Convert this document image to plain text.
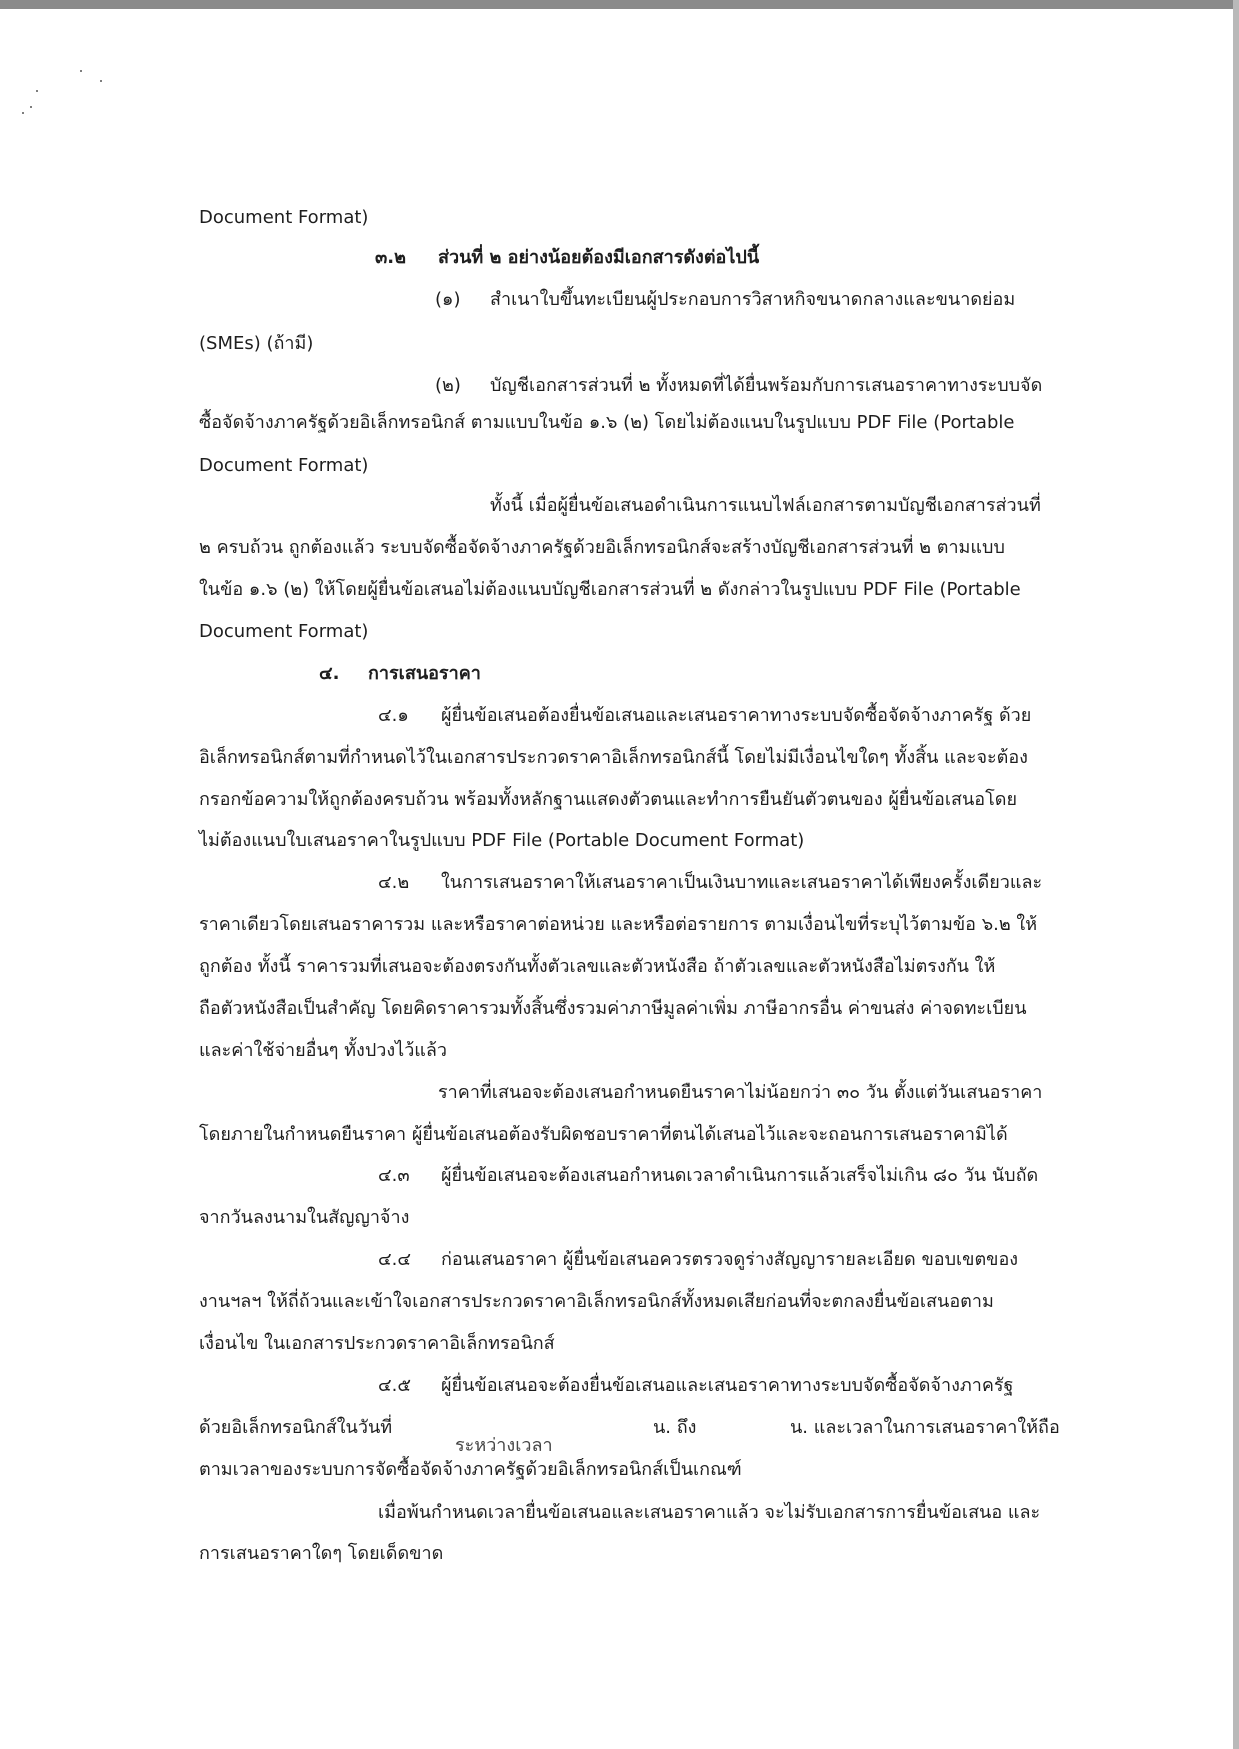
Document Format)

๓.๒ ส่วนที่ ๒ อย่างน้อยต้องมีเอกสารดังต่อไปนี้

(๑) สำเนาใบขึ้นทะเบียนผู้ประกอบการวิสาหกิจขนาดกลางและขนาดย่อม

(SMEs) (ถ้ามี)

(๒) บัญชีเอกสารส่วนที่ ๒ ทั้งหมดที่ได้ยื่นพร้อมกับการเสนอราคาทางระบบจัด

ซื้อจัดจ้างภาครัฐด้วยอิเล็กทรอนิกส์ ตามแบบในข้อ ๑.๖ (๒) โดยไม่ต้องแนบในรูปแบบ PDF File (Portable

Document Format)

ทั้งนี้ เมื่อผู้ยื่นข้อเสนอดำเนินการแนบไฟล์เอกสารตามบัญชีเอกสารส่วนที่

๒ ครบถ้วน ถูกต้องแล้ว ระบบจัดซื้อจัดจ้างภาครัฐด้วยอิเล็กทรอนิกส์จะสร้างบัญชีเอกสารส่วนที่ ๒ ตามแบบ

ในข้อ ๑.๖ (๒) ให้โดยผู้ยื่นข้อเสนอไม่ต้องแนบบัญชีเอกสารส่วนที่ ๒ ดังกล่าวในรูปแบบ PDF File (Portable

Document Format)

๔. การเสนอราคา

๔.๑ ผู้ยื่นข้อเสนอต้องยื่นข้อเสนอและเสนอราคาทางระบบจัดซื้อจัดจ้างภาครัฐ ด้วย

อิเล็กทรอนิกส์ตามที่กำหนดไว้ในเอกสารประกวดราคาอิเล็กทรอนิกส์นี้ โดยไม่มีเงื่อนไขใดๆ ทั้งสิ้น และจะต้อง

กรอกข้อความให้ถูกต้องครบถ้วน พร้อมทั้งหลักฐานแสดงตัวตนและทำการยืนยันตัวตนของ ผู้ยื่นข้อเสนอโดย

ไม่ต้องแนบใบเสนอราคาในรูปแบบ PDF File (Portable Document Format)

๔.๒ ในการเสนอราคาให้เสนอราคาเป็นเงินบาทและเสนอราคาได้เพียงครั้งเดียวและ

ราคาเดียวโดยเสนอราคารวม และหรือราคาต่อหน่วย และหรือต่อรายการ ตามเงื่อนไขที่ระบุไว้ตามข้อ ๖.๒ ให้

ถูกต้อง ทั้งนี้ ราคารวมที่เสนอจะต้องตรงกันทั้งตัวเลขและตัวหนังสือ ถ้าตัวเลขและตัวหนังสือไม่ตรงกัน ให้

ถือตัวหนังสือเป็นสำคัญ โดยคิดราคารวมทั้งสิ้นซึ่งรวมค่าภาษีมูลค่าเพิ่ม ภาษีอากรอื่น ค่าขนส่ง ค่าจดทะเบียน

และค่าใช้จ่ายอื่นๆ ทั้งปวงไว้แล้ว

ราคาที่เสนอจะต้องเสนอกำหนดยืนราคาไม่น้อยกว่า ๓๐ วัน ตั้งแต่วันเสนอราคา

โดยภายในกำหนดยืนราคา ผู้ยื่นข้อเสนอต้องรับผิดชอบราคาที่ตนได้เสนอไว้และจะถอนการเสนอราคามิได้

๔.๓ ผู้ยื่นข้อเสนอจะต้องเสนอกำหนดเวลาดำเนินการแล้วเสร็จไม่เกิน ๘๐ วัน นับถัด

จากวันลงนามในสัญญาจ้าง

๔.๔ ก่อนเสนอราคา ผู้ยื่นข้อเสนอควรตรวจดูร่างสัญญารายละเอียด ขอบเขตของ

งานฯลฯ ให้ถี่ถ้วนและเข้าใจเอกสารประกวดราคาอิเล็กทรอนิกส์ทั้งหมดเสียก่อนที่จะตกลงยื่นข้อเสนอตาม

เงื่อนไข ในเอกสารประกวดราคาอิเล็กทรอนิกส์

๔.๕ ผู้ยื่นข้อเสนอจะต้องยื่นข้อเสนอและเสนอราคาทางระบบจัดซื้อจัดจ้างภาครัฐ

ด้วยอิเล็กทรอนิกส์ในวันที่

ระหว่างเวลา

น. ถึง	น. และเวลาในการเสนอราคาให้ถือ

ตามเวลาของระบบการจัดซื้อจัดจ้างภาครัฐด้วยอิเล็กทรอนิกส์เป็นเกณฑ์

เมื่อพ้นกำหนดเวลายื่นข้อเสนอและเสนอราคาแล้ว จะไม่รับเอกสารการยื่นข้อเสนอ และ

การเสนอราคาใดๆ โดยเด็ดขาด
